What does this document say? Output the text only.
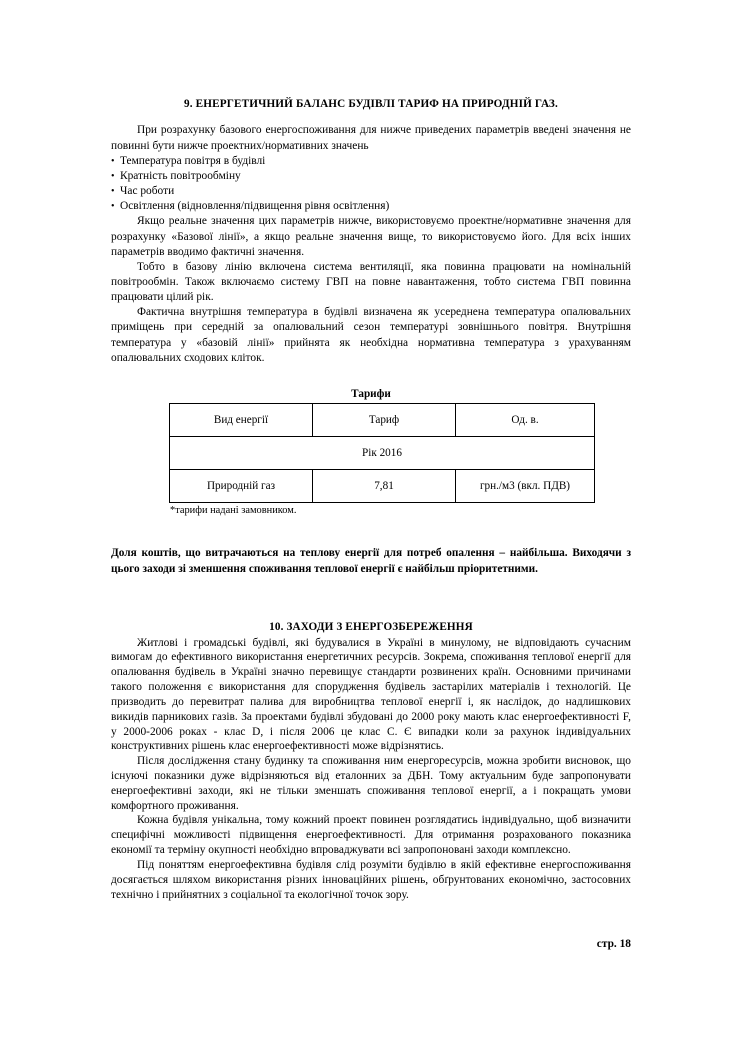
9. ЕНЕРГЕТИЧНИЙ БАЛАНС БУДІВЛІ ТАРИФ НА ПРИРОДНІЙ ГАЗ.

При розрахунку базового енергоспоживання для нижче приведених параметрів введені значення не повинні бути нижче проектних/нормативних значень

• Температура повітря в будівлі
• Кратність повітрообміну
• Час роботи
• Освітлення (відновлення/підвищення рівня освітлення)

Якщо реальне значення цих параметрів нижче, використовуємо проектне/нормативне значення для розрахунку «Базової лінії», а якщо реальне значення вище, то використовуємо його. Для всіх інших параметрів вводимо фактичні значення.

Тобто в базову лінію включена система вентиляції, яка повинна працювати на номінальній повітрообмін. Також включаємо систему ГВП на повне навантаження, тобто система ГВП повинна працювати цілий рік.

Фактична внутрішня температура в будівлі визначена як усереднена температура опалювальних приміщень при середній за опалювальний сезон температурі зовнішнього повітря. Внутрішня температура у «базовій лінії» прийнята як необхідна нормативна температура з урахуванням опалювальних сходових кліток.

Тарифи
Вид енергії	Тариф	Од. в.
Рік 2016		
Природній газ	7,81	грн./м3 (вкл. ПДВ)
*тарифи надані замовником.

Доля коштів, що витрачаються на теплову енергії для потреб опалення – найбільша. Виходячи з цього заходи зі зменшення споживання теплової енергії є найбільш пріоритетними.

10. ЗАХОДИ З ЕНЕРГОЗБЕРЕЖЕННЯ

Житлові і громадські будівлі, які будувалися в Україні в минулому, не відповідають сучасним вимогам до ефективного використання енергетичних ресурсів. Зокрема, споживання теплової енергії для опалювання будівель в Україні значно перевищує стандарти розвинених країн. Основними причинами такого положення є використання для спорудження будівель застарілих матеріалів і технологій. Це призводить до перевитрат палива для виробництва теплової енергії і, як наслідок, до надлишкових викидів парникових газів. За проектами будівлі збудовані до 2000 року мають клас енергоефективності F, у 2000-2006 роках - клас D, і після 2006 це клас С. Є випадки коли за рахунок індивідуальних конструктивних рішень клас енергоефективності може відрізнятись.

Після дослідження стану будинку та споживання ним енергоресурсів, можна зробити висновок, що існуючі показники дуже відрізняються від еталонних за ДБН. Тому актуальним буде запропонувати енергоефективні заходи, які не тільки зменшать споживання теплової енергії, а і покращать умови комфортного проживання.

Кожна будівля унікальна, тому кожний проект повинен розглядатись індивідуально, щоб визначити специфічні можливості підвищення енергоефективності. Для отримання розрахованого показника економії та терміну окупності необхідно впроваджувати всі запропоновані заходи комплексно.

Під поняттям енергоефективна будівля слід розуміти будівлю в якій ефективне енергоспоживання досягається шляхом використання різних інноваційних рішень, обґрунтованих економічно, застосовних технічно і прийнятних з соціальної та екологічної точок зору.

стр. 18
